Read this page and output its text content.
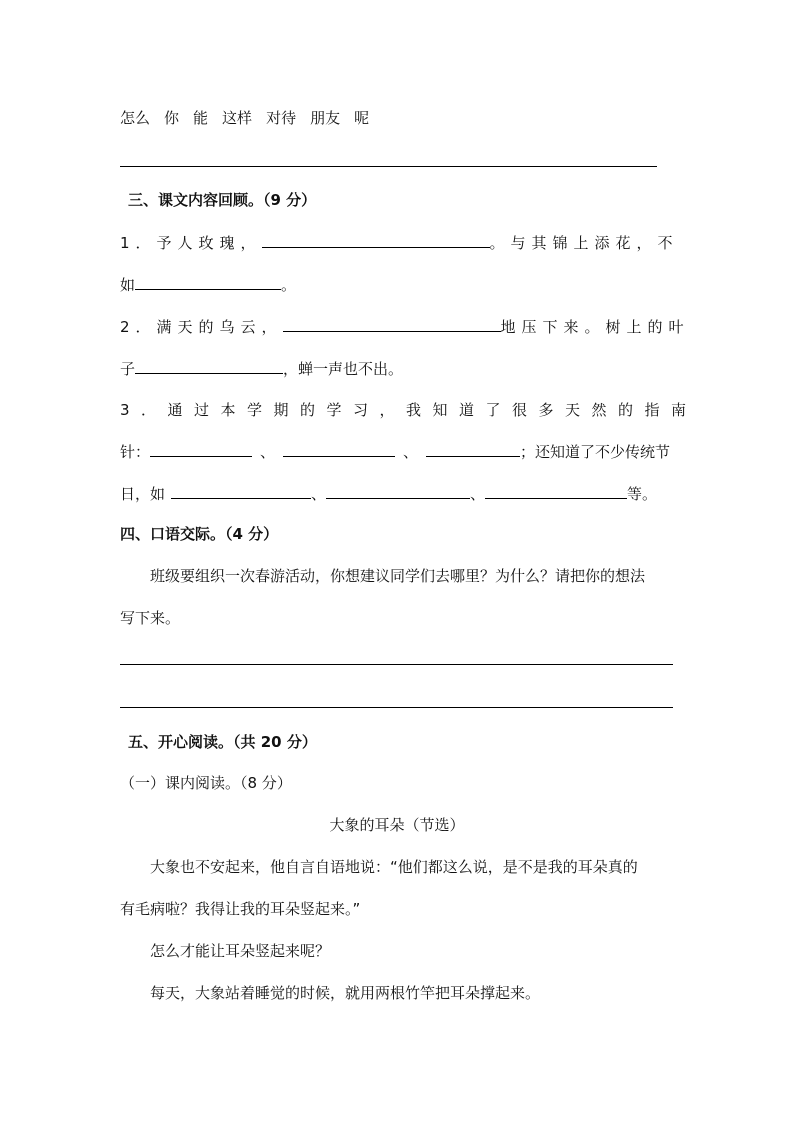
怎么 你 能 这样 对待 朋友 呢
三、课文内容回顾。（9 分）
1．予人玫瑰，	。与其锦上添花，不
如	。
2．满天的乌云，	地压下来。树上的叶
子	，蝉一声也不出。
3．通过本学期的学习，我知道了很多天然的指南
针：	、	、	；还知道了不少传统节
日，如	、	、	等。
四、口语交际。（4 分）
班级要组织一次春游活动，你想建议同学们去哪里？为什么？请把你的想法
写下来。
五、开心阅读。（共 20 分）
（一）课内阅读。（8 分）
大象的耳朵（节选）
大象也不安起来，他自言自语地说：“他们都这么说，是不是我的耳朵真的
有毛病啦？我得让我的耳朵竖起来。”
怎么才能让耳朵竖起来呢？
每天，大象站着睡觉的时候，就用两根竹竿把耳朵撑起来。
